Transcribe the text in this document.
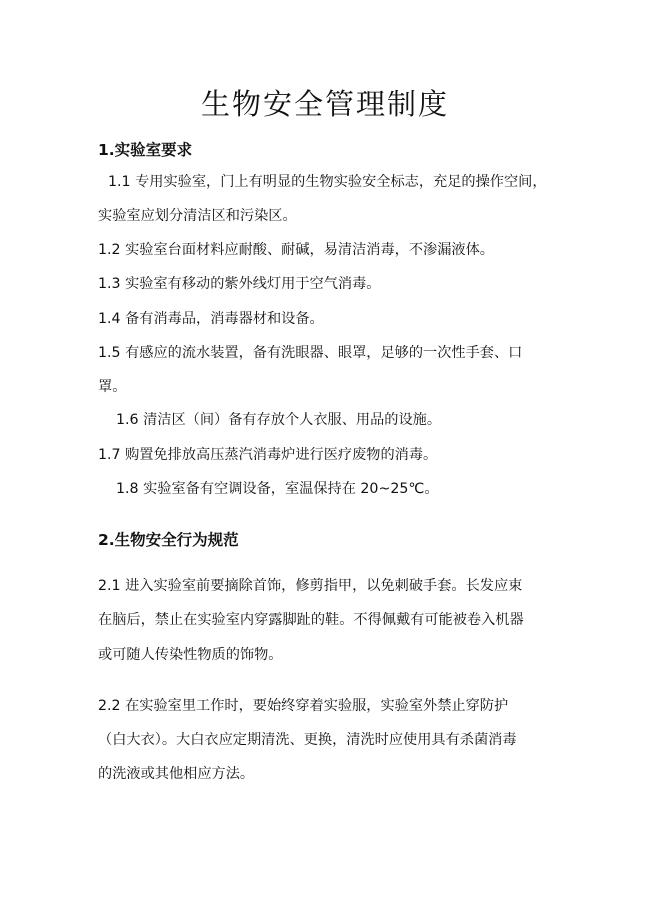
生物安全管理制度
1.实验室要求
1.1 专用实验室，门上有明显的生物实验安全标志，充足的操作空间，
实验室应划分清洁区和污染区。
1.2 实验室台面材料应耐酸、耐碱，易清洁消毒，不渗漏液体。
1.3 实验室有移动的紫外线灯用于空气消毒。
1.4 备有消毒品，消毒器材和设备。
1.5 有感应的流水装置，备有洗眼器、眼罩，足够的一次性手套、口
罩。
1.6 清洁区（间）备有存放个人衣服、用品的设施。
1.7 购置免排放高压蒸汽消毒炉进行医疗废物的消毒。
1.8 实验室备有空调设备，室温保持在 20~25℃。
2.生物安全行为规范
2.1 进入实验室前要摘除首饰，修剪指甲，以免刺破手套。长发应束
在脑后，禁止在实验室内穿露脚趾的鞋。不得佩戴有可能被卷入机器
或可随人传染性物质的饰物。
2.2 在实验室里工作时，要始终穿着实验服，实验室外禁止穿防护
（白大衣）。大白衣应定期清洗、更换，清洗时应使用具有杀菌消毒
的洗液或其他相应方法。
